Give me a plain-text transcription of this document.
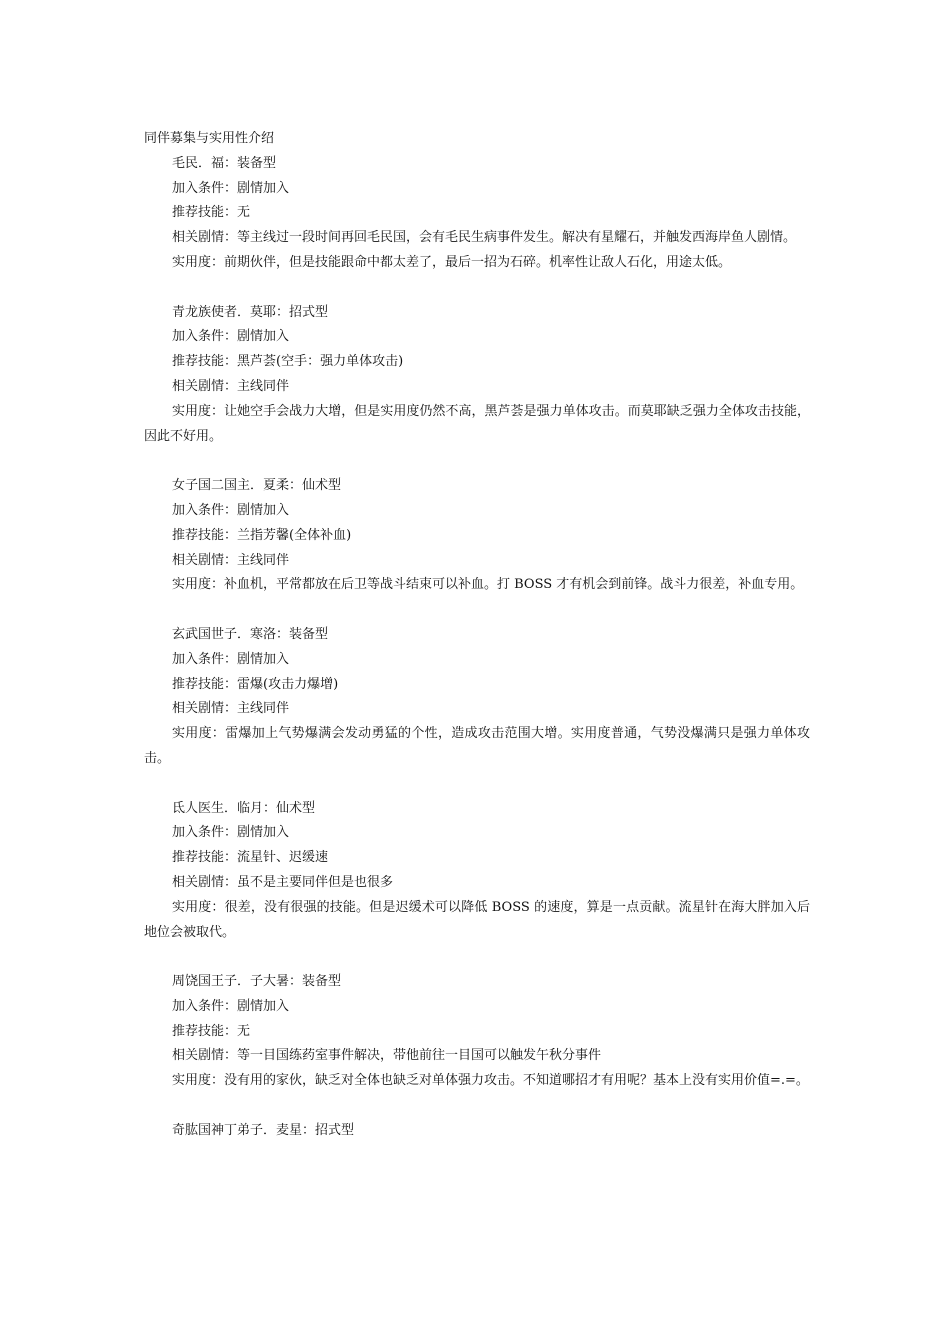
同伴募集与实用性介绍

毛民．福：装备型

加入条件：剧情加入

推荐技能：无

相关剧情：等主线过一段时间再回毛民国，会有毛民生病事件发生。解决有星耀石，并触发西海岸鱼人剧情。

实用度：前期伙伴，但是技能跟命中都太差了，最后一招为石碎。机率性让敌人石化，用途太低。

青龙族使者．莫耶：招式型

加入条件：剧情加入

推荐技能：黑芦荟(空手：强力单体攻击)

相关剧情：主线同伴

实用度：让她空手会战力大增，但是实用度仍然不高，黑芦荟是强力单体攻击。而莫耶缺乏强力全体攻击技能，因此不好用。

女子国二国主．夏柔：仙术型

加入条件：剧情加入

推荐技能：兰指芳馨(全体补血)

相关剧情：主线同伴

实用度：补血机，平常都放在后卫等战斗结束可以补血。打 BOSS 才有机会到前锋。战斗力很差，补血专用。

玄武国世子．寒洛：装备型

加入条件：剧情加入

推荐技能：雷爆(攻击力爆增)

相关剧情：主线同伴

实用度：雷爆加上气势爆满会发动勇猛的个性，造成攻击范围大增。实用度普通，气势没爆满只是强力单体攻击。

氐人医生．临月：仙术型

加入条件：剧情加入

推荐技能：流星针、迟缓速

相关剧情：虽不是主要同伴但是也很多

实用度：很差，没有很强的技能。但是迟缓术可以降低 BOSS 的速度，算是一点贡献。流星针在海大胖加入后地位会被取代。

周饶国王子．子大暑：装备型

加入条件：剧情加入

推荐技能：无

相关剧情：等一目国练药室事件解决，带他前往一目国可以触发午秋分事件

实用度：没有用的家伙，缺乏对全体也缺乏对单体强力攻击。不知道哪招才有用呢？基本上没有实用价值=.=。

奇肱国神丁弟子．麦星：招式型
